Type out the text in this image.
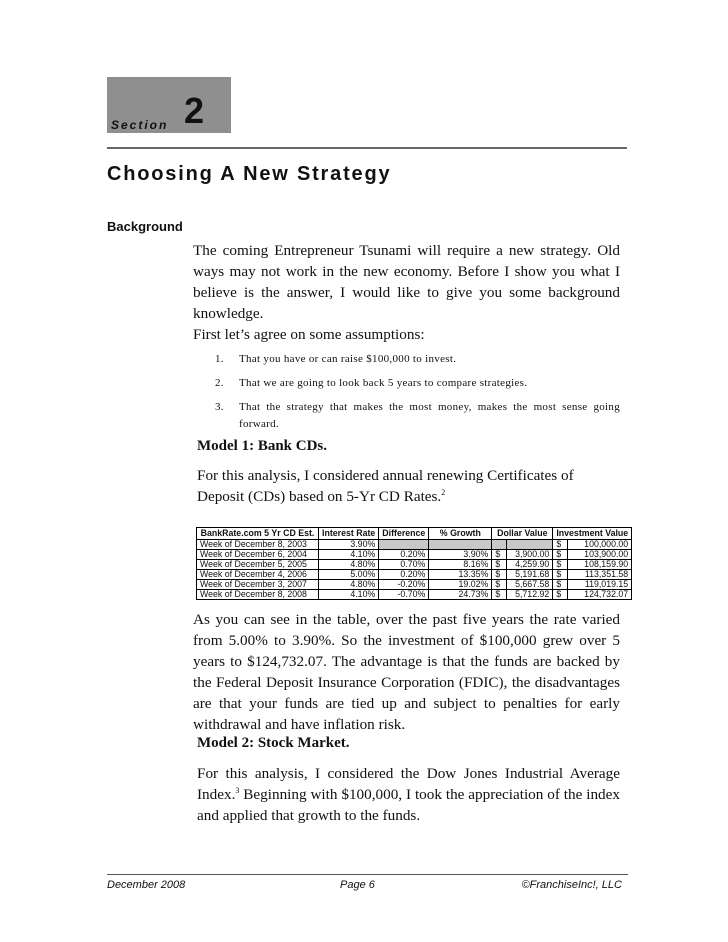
Section 2
Choosing A New Strategy
Background

The coming Entrepreneur Tsunami will require a new strategy. Old ways may not work in the new economy. Before I show you what I believe is the answer, I would like to give you some background knowledge.

First let’s agree on some assumptions:

1. That you have or can raise $100,000 to invest.
2. That we are going to look back 5 years to compare strategies.
3. That the strategy that makes the most money, makes the most sense going forward.

Model 1: Bank CDs.

For this analysis, I considered annual renewing Certificates of Deposit (CDs) based on 5-Yr CD Rates.$^2$

BankRate.com 5 Yr CD Est.	Interest Rate	Difference	% Growth	Dollar Value		Investment Value	
Week of December 8, 2003	3.90%					$	100,000.00
Week of December 6, 2004	4.10%	0.20%	3.90%	$	3,900.00	$	103,900.00
Week of December 5, 2005	4.80%	0.70%	8.16%	$	4,259.90	$	108,159.90
Week of December 4, 2006	5.00%	0.20%	13.35%	$	5,191.68	$	113,351.58
Week of December 3, 2007	4.80%	-0.20%	19.02%	$	5,667.58	$	119,019.15
Week of December 8, 2008	4.10%	-0.70%	24.73%	$	5,712.92	$	124,732.07

As you can see in the table, over the past five years the rate varied from 5.00% to 3.90%. So the investment of $100,000 grew over 5 years to $124,732.07. The advantage is that the funds are backed by the Federal Deposit Insurance Corporation (FDIC), the disadvantages are that your funds are tied up and subject to penalties for early withdrawal and have inflation risk.

Model 2: Stock Market.

For this analysis, I considered the Dow Jones Industrial Average Index.$^3$ Beginning with $100,000, I took the appreciation of the index and applied that growth to the funds.

December 2008	Page 6	©FranchiseInc!, LLC
